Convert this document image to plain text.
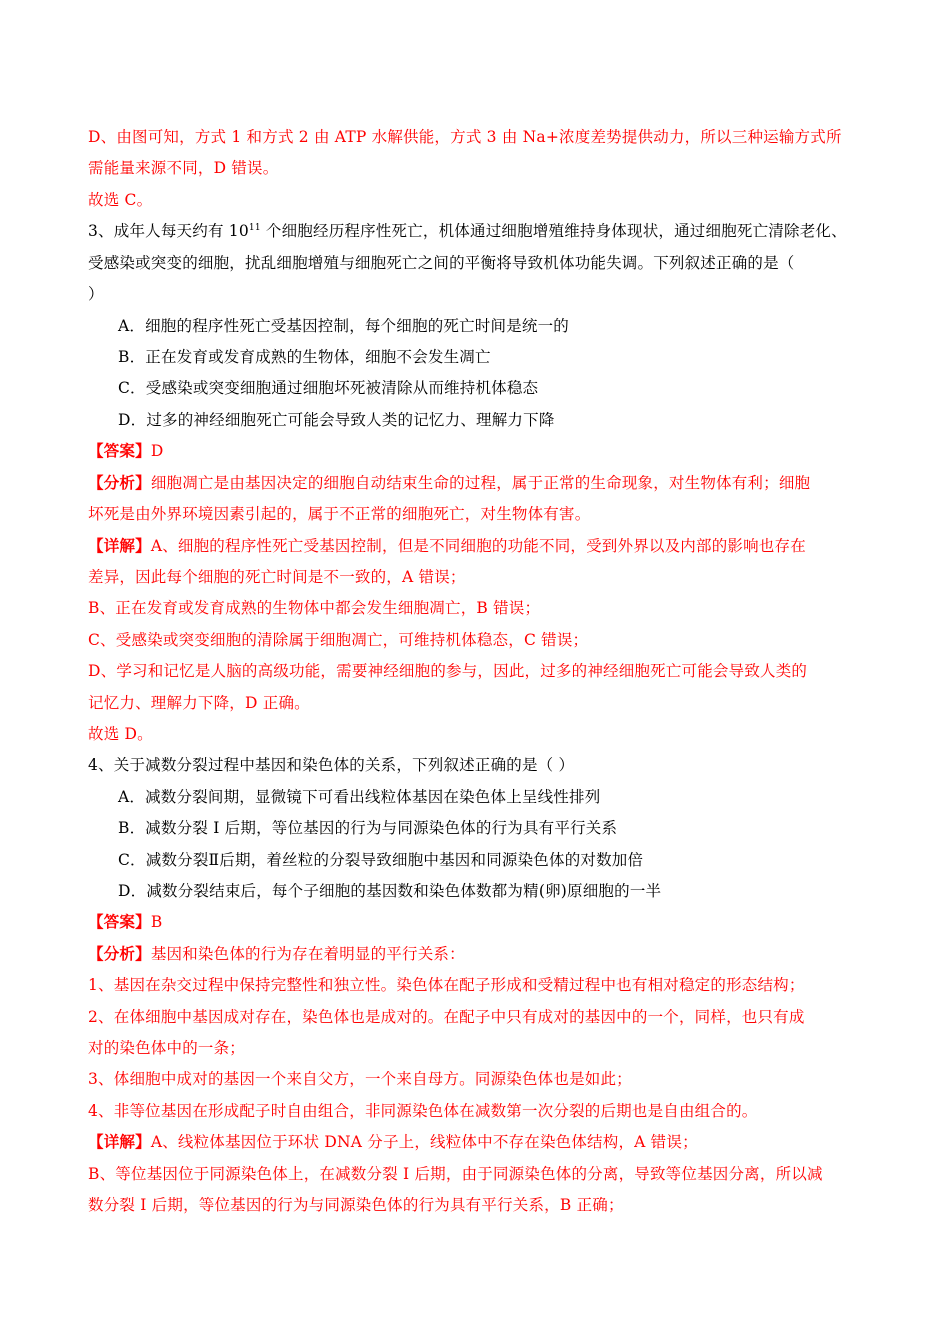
D、由图可知，方式 1 和方式 2 由 ATP 水解供能，方式 3 由 Na+浓度差势提供动力，所以三种运输方式所
需能量来源不同，D 错误。
故选 C。
3、成年人每天约有 $10^{11}$ 个细胞经历程序性死亡，机体通过细胞增殖维持身体现状，通过细胞死亡清除老化、
受感染或突变的细胞，扰乱细胞增殖与细胞死亡之间的平衡将导致机体功能失调。下列叙述正确的是（
）
A．细胞的程序性死亡受基因控制，每个细胞的死亡时间是统一的
B．正在发育或发育成熟的生物体，细胞不会发生凋亡
C．受感染或突变细胞通过细胞坏死被清除从而维持机体稳态
D．过多的神经细胞死亡可能会导致人类的记忆力、理解力下降
【答案】D
【分析】细胞凋亡是由基因决定的细胞自动结束生命的过程，属于正常的生命现象，对生物体有利；细胞
坏死是由外界环境因素引起的，属于不正常的细胞死亡，对生物体有害。
【详解】A、细胞的程序性死亡受基因控制，但是不同细胞的功能不同，受到外界以及内部的影响也存在
差异，因此每个细胞的死亡时间是不一致的，A 错误；
B、正在发育或发育成熟的生物体中都会发生细胞凋亡，B 错误；
C、受感染或突变细胞的清除属于细胞凋亡，可维持机体稳态，C 错误；
D、学习和记忆是人脑的高级功能，需要神经细胞的参与，因此，过多的神经细胞死亡可能会导致人类的
记忆力、理解力下降，D 正确。
故选 D。
4、关于减数分裂过程中基因和染色体的关系，下列叙述正确的是（ ）
A．减数分裂间期，显微镜下可看出线粒体基因在染色体上呈线性排列
B．减数分裂 Ⅰ 后期，等位基因的行为与同源染色体的行为具有平行关系
C．减数分裂Ⅱ后期，着丝粒的分裂导致细胞中基因和同源染色体的对数加倍
D．减数分裂结束后，每个子细胞的基因数和染色体数都为精(卵)原细胞的一半
【答案】B
【分析】基因和染色体的行为存在着明显的平行关系：
1、基因在杂交过程中保持完整性和独立性。染色体在配子形成和受精过程中也有相对稳定的形态结构；
2、在体细胞中基因成对存在，染色体也是成对的。在配子中只有成对的基因中的一个，同样，也只有成
对的染色体中的一条；
3、体细胞中成对的基因一个来自父方，一个来自母方。同源染色体也是如此；
4、非等位基因在形成配子时自由组合，非同源染色体在减数第一次分裂的后期也是自由组合的。
【详解】A、线粒体基因位于环状 DNA 分子上，线粒体中不存在染色体结构，A 错误；
B、等位基因位于同源染色体上，在减数分裂 I 后期，由于同源染色体的分离，导致等位基因分离，所以减
数分裂 I 后期，等位基因的行为与同源染色体的行为具有平行关系，B 正确；
